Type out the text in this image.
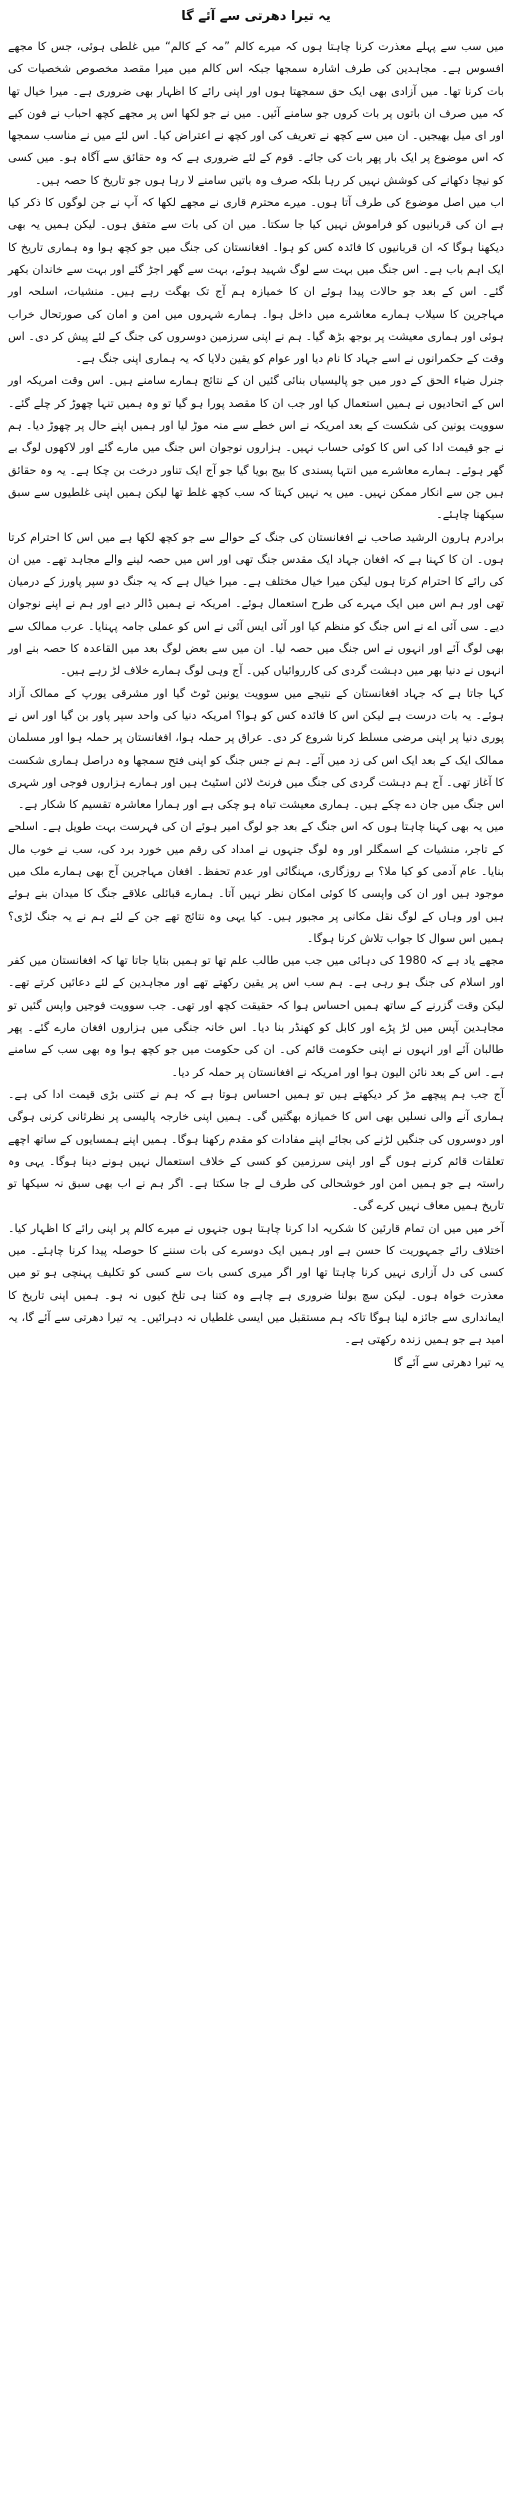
یہ تیرا دھرتی سے آئے گا

میں سب سے پہلے معذرت کرنا چاہتا ہوں کہ میرے کالم ”مہ کے کالم“ میں غلطی ہوئی، جس کا مجھے افسوس ہے۔ مجاہدین کی طرف اشارہ سمجھا جبکہ اس کالم میں میرا مقصد مخصوص شخصیات کی بات کرنا تھا۔ میں آزادی بھی ایک حق سمجھتا ہوں اور اپنی رائے کا اظہار بھی ضروری ہے۔ میرا خیال تھا کہ میں صرف ان باتوں پر بات کروں جو سامنے آئیں۔ میں نے جو لکھا اس پر مجھے کچھ احباب نے فون کیے اور ای میل بھیجیں۔ ان میں سے کچھ نے تعریف کی اور کچھ نے اعتراض کیا۔ اس لئے میں نے مناسب سمجھا کہ اس موضوع پر ایک بار پھر بات کی جائے۔ قوم کے لئے ضروری ہے کہ وہ حقائق سے آگاہ ہو۔ میں کسی کو نیچا دکھانے کی کوشش نہیں کر رہا بلکہ صرف وہ باتیں سامنے لا رہا ہوں جو تاریخ کا حصہ ہیں۔

اب میں اصل موضوع کی طرف آتا ہوں۔ میرے محترم قاری نے مجھے لکھا کہ آپ نے جن لوگوں کا ذکر کیا ہے ان کی قربانیوں کو فراموش نہیں کیا جا سکتا۔ میں ان کی بات سے متفق ہوں۔ لیکن ہمیں یہ بھی دیکھنا ہوگا کہ ان قربانیوں کا فائدہ کس کو ہوا۔ افغانستان کی جنگ میں جو کچھ ہوا وہ ہماری تاریخ کا ایک اہم باب ہے۔ اس جنگ میں بہت سے لوگ شہید ہوئے، بہت سے گھر اجڑ گئے اور بہت سے خاندان بکھر گئے۔ اس کے بعد جو حالات پیدا ہوئے ان کا خمیازہ ہم آج تک بھگت رہے ہیں۔ منشیات، اسلحہ اور مہاجرین کا سیلاب ہمارے معاشرے میں داخل ہوا۔ ہمارے شہروں میں امن و امان کی صورتحال خراب ہوئی اور ہماری معیشت پر بوجھ بڑھ گیا۔ ہم نے اپنی سرزمین دوسروں کی جنگ کے لئے پیش کر دی۔ اس وقت کے حکمرانوں نے اسے جہاد کا نام دیا اور عوام کو یقین دلایا کہ یہ ہماری اپنی جنگ ہے۔

جنرل ضیاء الحق کے دور میں جو پالیسیاں بنائی گئیں ان کے نتائج ہمارے سامنے ہیں۔ اس وقت امریکہ اور اس کے اتحادیوں نے ہمیں استعمال کیا اور جب ان کا مقصد پورا ہو گیا تو وہ ہمیں تنہا چھوڑ کر چلے گئے۔ سوویت یونین کی شکست کے بعد امریکہ نے اس خطے سے منہ موڑ لیا اور ہمیں اپنے حال پر چھوڑ دیا۔ ہم نے جو قیمت ادا کی اس کا کوئی حساب نہیں۔ ہزاروں نوجوان اس جنگ میں مارے گئے اور لاکھوں لوگ بے گھر ہوئے۔ ہمارے معاشرے میں انتہا پسندی کا بیج بویا گیا جو آج ایک تناور درخت بن چکا ہے۔ یہ وہ حقائق ہیں جن سے انکار ممکن نہیں۔ میں یہ نہیں کہتا کہ سب کچھ غلط تھا لیکن ہمیں اپنی غلطیوں سے سبق سیکھنا چاہئے۔

برادرم ہارون الرشید صاحب نے افغانستان کی جنگ کے حوالے سے جو کچھ لکھا ہے میں اس کا احترام کرتا ہوں۔ ان کا کہنا ہے کہ افغان جہاد ایک مقدس جنگ تھی اور اس میں حصہ لینے والے مجاہد تھے۔ میں ان کی رائے کا احترام کرتا ہوں لیکن میرا خیال مختلف ہے۔ میرا خیال ہے کہ یہ جنگ دو سپر پاورز کے درمیان تھی اور ہم اس میں ایک مہرے کی طرح استعمال ہوئے۔ امریکہ نے ہمیں ڈالر دیے اور ہم نے اپنے نوجوان دیے۔ سی آئی اے نے اس جنگ کو منظم کیا اور آئی ایس آئی نے اس کو عملی جامہ پہنایا۔ عرب ممالک سے بھی لوگ آئے اور انہوں نے اس جنگ میں حصہ لیا۔ ان میں سے بعض لوگ بعد میں القاعدہ کا حصہ بنے اور انہوں نے دنیا بھر میں دہشت گردی کی کارروائیاں کیں۔ آج وہی لوگ ہمارے خلاف لڑ رہے ہیں۔

کہا جاتا ہے کہ جہاد افغانستان کے نتیجے میں سوویت یونین ٹوٹ گیا اور مشرقی یورپ کے ممالک آزاد ہوئے۔ یہ بات درست ہے لیکن اس کا فائدہ کس کو ہوا؟ امریکہ دنیا کی واحد سپر پاور بن گیا اور اس نے پوری دنیا پر اپنی مرضی مسلط کرنا شروع کر دی۔ عراق پر حملہ ہوا، افغانستان پر حملہ ہوا اور مسلمان ممالک ایک کے بعد ایک اس کی زد میں آئے۔ ہم نے جس جنگ کو اپنی فتح سمجھا وہ دراصل ہماری شکست کا آغاز تھی۔ آج ہم دہشت گردی کی جنگ میں فرنٹ لائن اسٹیٹ ہیں اور ہمارے ہزاروں فوجی اور شہری اس جنگ میں جان دے چکے ہیں۔ ہماری معیشت تباہ ہو چکی ہے اور ہمارا معاشرہ تقسیم کا شکار ہے۔

میں یہ بھی کہنا چاہتا ہوں کہ اس جنگ کے بعد جو لوگ امیر ہوئے ان کی فہرست بہت طویل ہے۔ اسلحے کے تاجر، منشیات کے اسمگلر اور وہ لوگ جنہوں نے امداد کی رقم میں خورد برد کی، سب نے خوب مال بنایا۔ عام آدمی کو کیا ملا؟ بے روزگاری، مہنگائی اور عدم تحفظ۔ افغان مہاجرین آج بھی ہمارے ملک میں موجود ہیں اور ان کی واپسی کا کوئی امکان نظر نہیں آتا۔ ہمارے قبائلی علاقے جنگ کا میدان بنے ہوئے ہیں اور وہاں کے لوگ نقل مکانی پر مجبور ہیں۔ کیا یہی وہ نتائج تھے جن کے لئے ہم نے یہ جنگ لڑی؟ ہمیں اس سوال کا جواب تلاش کرنا ہوگا۔

مجھے یاد ہے کہ 1980 کی دہائی میں جب میں طالب علم تھا تو ہمیں بتایا جاتا تھا کہ افغانستان میں کفر اور اسلام کی جنگ ہو رہی ہے۔ ہم سب اس پر یقین رکھتے تھے اور مجاہدین کے لئے دعائیں کرتے تھے۔ لیکن وقت گزرنے کے ساتھ ہمیں احساس ہوا کہ حقیقت کچھ اور تھی۔ جب سوویت فوجیں واپس گئیں تو مجاہدین آپس میں لڑ پڑے اور کابل کو کھنڈر بنا دیا۔ اس خانہ جنگی میں ہزاروں افغان مارے گئے۔ پھر طالبان آئے اور انہوں نے اپنی حکومت قائم کی۔ ان کی حکومت میں جو کچھ ہوا وہ بھی سب کے سامنے ہے۔ اس کے بعد نائن الیون ہوا اور امریکہ نے افغانستان پر حملہ کر دیا۔

آج جب ہم پیچھے مڑ کر دیکھتے ہیں تو ہمیں احساس ہوتا ہے کہ ہم نے کتنی بڑی قیمت ادا کی ہے۔ ہماری آنے والی نسلیں بھی اس کا خمیازہ بھگتیں گی۔ ہمیں اپنی خارجہ پالیسی پر نظرثانی کرنی ہوگی اور دوسروں کی جنگیں لڑنے کی بجائے اپنے مفادات کو مقدم رکھنا ہوگا۔ ہمیں اپنے ہمسایوں کے ساتھ اچھے تعلقات قائم کرنے ہوں گے اور اپنی سرزمین کو کسی کے خلاف استعمال نہیں ہونے دینا ہوگا۔ یہی وہ راستہ ہے جو ہمیں امن اور خوشحالی کی طرف لے جا سکتا ہے۔ اگر ہم نے اب بھی سبق نہ سیکھا تو تاریخ ہمیں معاف نہیں کرے گی۔

آخر میں میں ان تمام قارئین کا شکریہ ادا کرنا چاہتا ہوں جنہوں نے میرے کالم پر اپنی رائے کا اظہار کیا۔ اختلاف رائے جمہوریت کا حسن ہے اور ہمیں ایک دوسرے کی بات سننے کا حوصلہ پیدا کرنا چاہئے۔ میں کسی کی دل آزاری نہیں کرنا چاہتا تھا اور اگر میری کسی بات سے کسی کو تکلیف پہنچی ہو تو میں معذرت خواہ ہوں۔ لیکن سچ بولنا ضروری ہے چاہے وہ کتنا ہی تلخ کیوں نہ ہو۔ ہمیں اپنی تاریخ کا ایمانداری سے جائزہ لینا ہوگا تاکہ ہم مستقبل میں ایسی غلطیاں نہ دہرائیں۔ یہ تیرا دھرتی سے آئے گا، یہ امید ہے جو ہمیں زندہ رکھتی ہے۔

یہ تیرا دھرتی سے آئے گا
